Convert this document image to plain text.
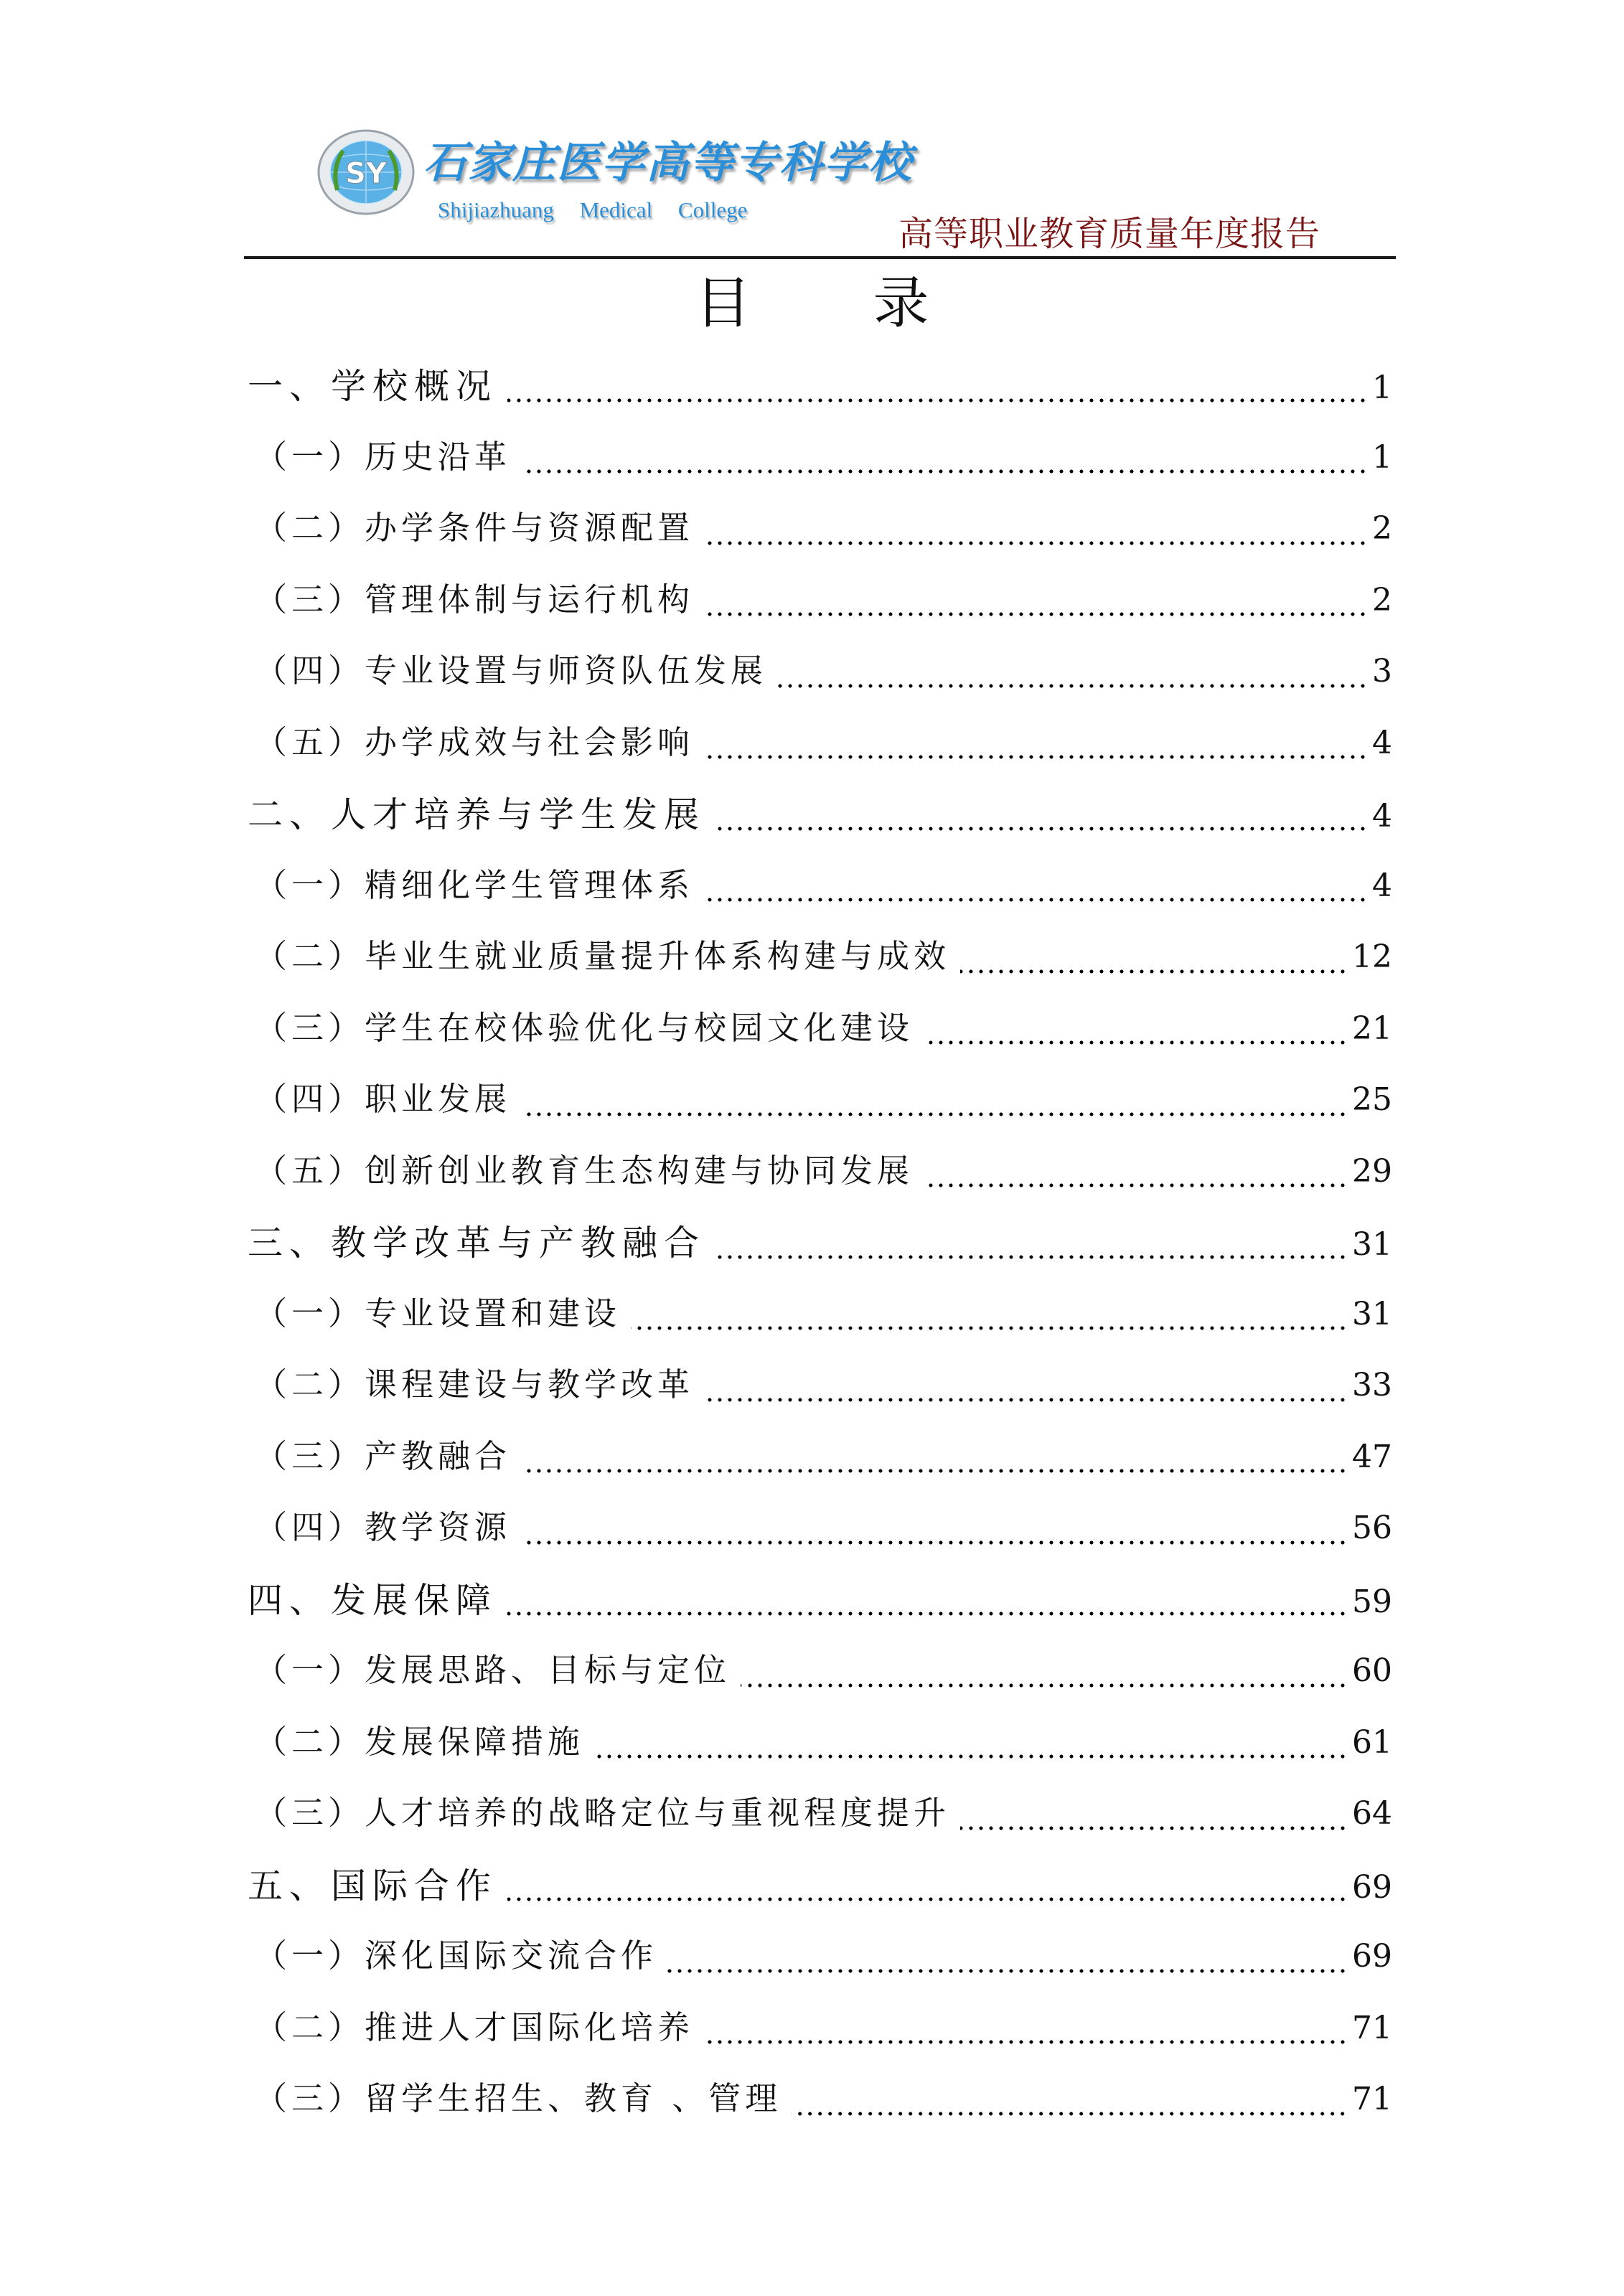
SY 石家庄医学高等专科学校
Shijiazhuang Medical College
高等职业教育质量年度报告
目 录
一、学校概况	1
（一）历史沿革	1
（二）办学条件与资源配置	2
（三）管理体制与运行机构	2
（四）专业设置与师资队伍发展	3
（五）办学成效与社会影响	4
二、人才培养与学生发展	4
（一）精细化学生管理体系	4
（二）毕业生就业质量提升体系构建与成效	12
（三）学生在校体验优化与校园文化建设	21
（四）职业发展	25
（五）创新创业教育生态构建与协同发展	29
三、教学改革与产教融合	31
（一）专业设置和建设	31
（二）课程建设与教学改革	33
（三）产教融合	47
（四）教学资源	56
四、发展保障	59
（一）发展思路、目标与定位	60
（二）发展保障措施	61
（三）人才培养的战略定位与重视程度提升	64
五、国际合作	69
（一）深化国际交流合作	69
（二）推进人才国际化培养	71
（三）留学生招生、教育 、管理	71
